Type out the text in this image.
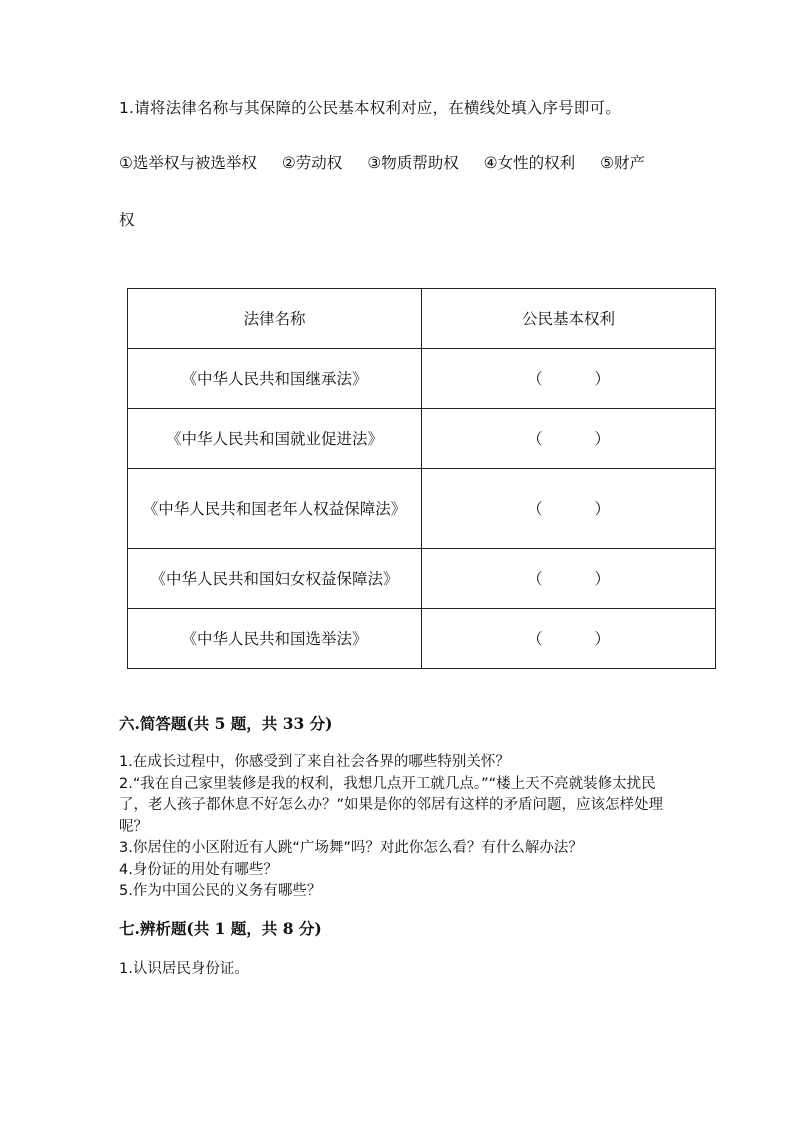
1.请将法律名称与其保障的公民基本权利对应，在横线处填入序号即可。
①选举权与被选举权 ②劳动权 ③物质帮助权 ④女性的权利 ⑤财产
权
法律名称	公民基本权利
《中华人民共和国继承法》	（ ）
《中华人民共和国就业促进法》	（ ）
《中华人民共和国老年人权益保障法》	（ ）
《中华人民共和国妇女权益保障法》	（ ）
《中华人民共和国选举法》	（ ）
六.简答题(共 5 题，共 33 分)
1.在成长过程中，你感受到了来自社会各界的哪些特别关怀？
2.“我在自己家里装修是我的权利，我想几点开工就几点。”“楼上天不亮就装修太扰民了，老人孩子都休息不好怎么办？”如果是你的邻居有这样的矛盾问题，应该怎样处理呢？
3.你居住的小区附近有人跳“广场舞”吗？对此你怎么看？有什么解办法？
4.身份证的用处有哪些？
5.作为中国公民的义务有哪些？
七.辨析题(共 1 题，共 8 分)
1.认识居民身份证。
